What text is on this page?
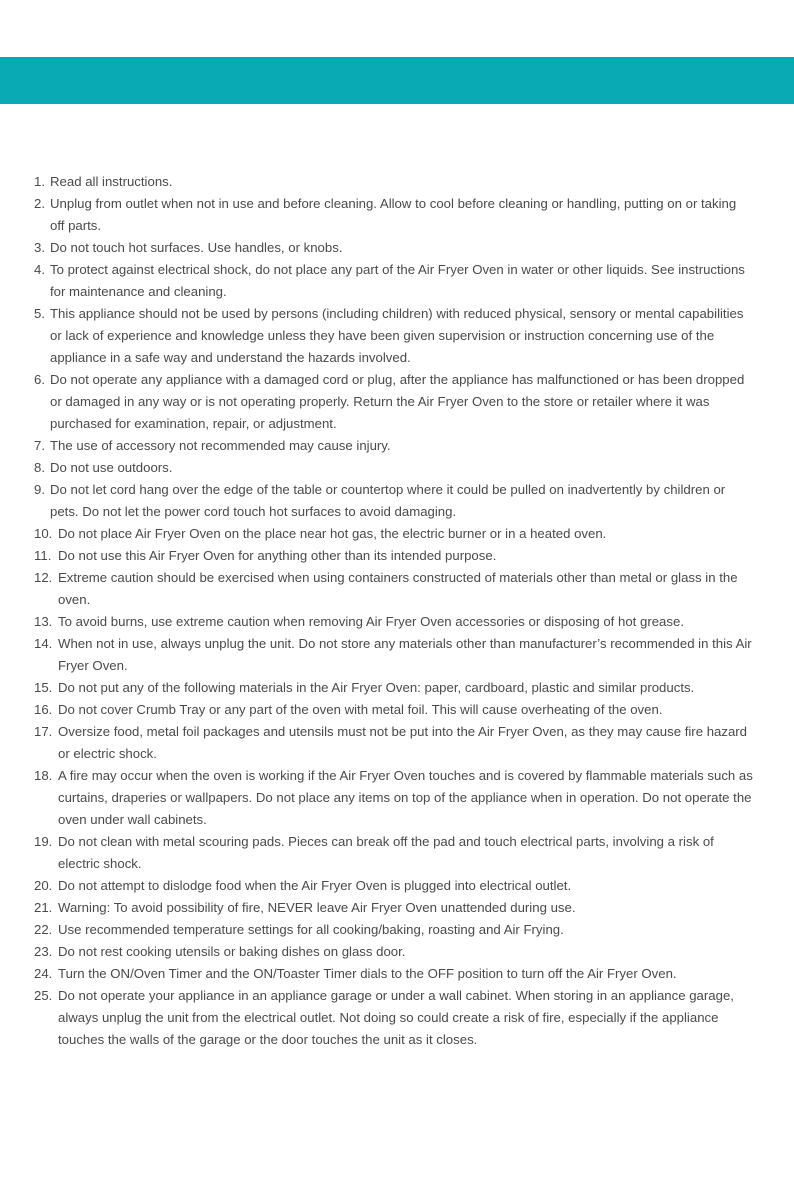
1. Read all instructions.
2. Unplug from outlet when not in use and before cleaning. Allow to cool before cleaning or handling, putting on or taking off parts.
3. Do not touch hot surfaces. Use handles, or knobs.
4. To protect against electrical shock, do not place any part of the Air Fryer Oven in water or other liquids. See instructions for maintenance and cleaning.
5. This appliance should not be used by persons (including children) with reduced physical, sensory or mental capabilities or lack of experience and knowledge unless they have been given supervision or instruction concerning use of the appliance in a safe way and understand the hazards involved.
6. Do not operate any appliance with a damaged cord or plug, after the appliance has malfunctioned or has been dropped or damaged in any way or is not operating properly. Return the Air Fryer Oven to the store or retailer where it was purchased for examination, repair, or adjustment.
7. The use of accessory not recommended may cause injury.
8. Do not use outdoors.
9. Do not let cord hang over the edge of the table or countertop where it could be pulled on inadvertently by children or pets. Do not let the power cord touch hot surfaces to avoid damaging.
10. Do not place Air Fryer Oven on the place near hot gas, the electric burner or in a heated oven.
11. Do not use this Air Fryer Oven for anything other than its intended purpose.
12. Extreme caution should be exercised when using containers constructed of materials other than metal or glass in the oven.
13. To avoid burns, use extreme caution when removing Air Fryer Oven accessories or disposing of hot grease.
14. When not in use, always unplug the unit. Do not store any materials other than manufacturer’s recommended in this Air Fryer Oven.
15. Do not put any of the following materials in the Air Fryer Oven: paper, cardboard, plastic and similar products.
16. Do not cover Crumb Tray or any part of the oven with metal foil. This will cause overheating of the oven.
17. Oversize food, metal foil packages and utensils must not be put into the Air Fryer Oven, as they may cause fire hazard or electric shock.
18. A fire may occur when the oven is working if the Air Fryer Oven touches and is covered by flammable materials such as curtains, draperies or wallpapers. Do not place any items on top of the appliance when in operation. Do not operate the oven under wall cabinets.
19. Do not clean with metal scouring pads. Pieces can break off the pad and touch electrical parts, involving a risk of electric shock.
20. Do not attempt to dislodge food when the Air Fryer Oven is plugged into electrical outlet.
21. Warning: To avoid possibility of fire, NEVER leave Air Fryer Oven unattended during use.
22. Use recommended temperature settings for all cooking/baking, roasting and Air Frying.
23. Do not rest cooking utensils or baking dishes on glass door.
24. Turn the ON/Oven Timer and the ON/Toaster Timer dials to the OFF position to turn off the Air Fryer Oven.
25. Do not operate your appliance in an appliance garage or under a wall cabinet. When storing in an appliance garage, always unplug the unit from the electrical outlet. Not doing so could create a risk of fire, especially if the appliance touches the walls of the garage or the door touches the unit as it closes.
